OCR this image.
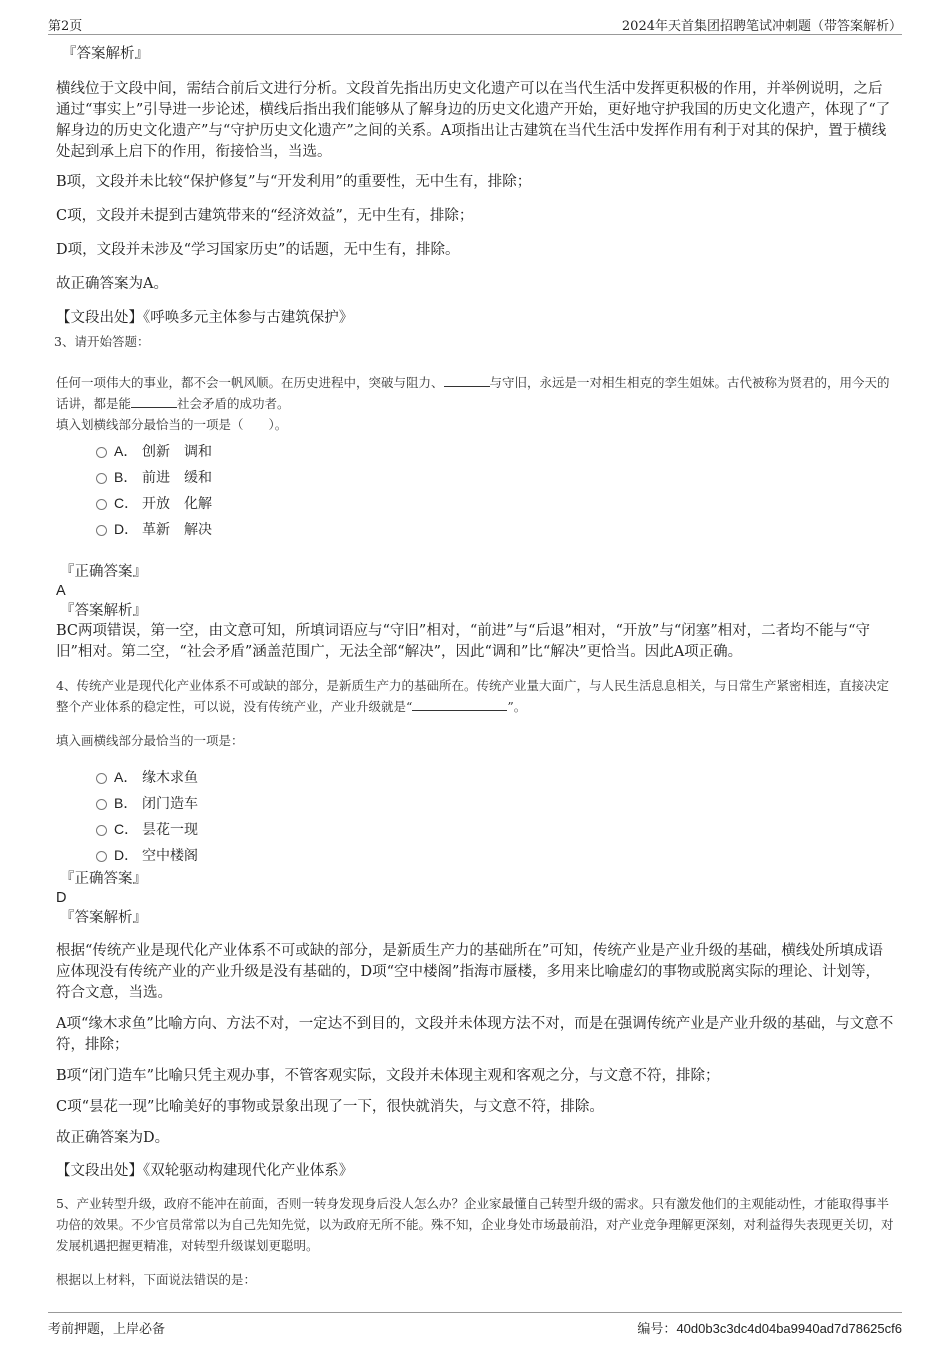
第2页	2024年天首集团招聘笔试冲刺题（带答案解析）

『答案解析』

横线位于文段中间，需结合前后文进行分析。文段首先指出历史文化遗产可以在当代生活中发挥更积极的作用，并举例说明，之后通过“事实上”引导进一步论述，横线后指出我们能够从了解身边的历史文化遗产开始，更好地守护我国的历史文化遗产，体现了“了解身边的历史文化遗产”与“守护历史文化遗产”之间的关系。A项指出让古建筑在当代生活中发挥作用有利于对其的保护，置于横线处起到承上启下的作用，衔接恰当，当选。

B项，文段并未比较“保护修复”与“开发利用”的重要性，无中生有，排除；

C项，文段并未提到古建筑带来的“经济效益”，无中生有，排除；

D项，文段并未涉及“学习国家历史”的话题，无中生有，排除。

故正确答案为A。

【文段出处】《呼唤多元主体参与古建筑保护》

3、请开始答题：

任何一项伟大的事业，都不会一帆风顺。在历史进程中，突破与阻力、	与守旧，永远是一对相生相克的孪生姐妹。古代被称为贤君的，用今天的话讲，都是能	社会矛盾的成功者。

填入划横线部分最恰当的一项是（　　）。

A． 创新　调和
B． 前进　缓和
C． 开放　化解
D． 革新　解决

『正确答案』

A

『答案解析』

BC两项错误，第一空，由文意可知，所填词语应与“守旧”相对，“前进”与“后退”相对，“开放”与“闭塞”相对，二者均不能与“守旧”相对。第二空，“社会矛盾”涵盖范围广，无法全部“解决”，因此“调和”比“解决”更恰当。因此A项正确。

4、传统产业是现代化产业体系不可或缺的部分，是新质生产力的基础所在。传统产业量大面广，与人民生活息息相关，与日常生产紧密相连，直接决定整个产业体系的稳定性，可以说，没有传统产业，产业升级就是“	”。

填入画横线部分最恰当的一项是：

A． 缘木求鱼
B． 闭门造车
C． 昙花一现
D． 空中楼阁

『正确答案』

D

『答案解析』

根据“传统产业是现代化产业体系不可或缺的部分，是新质生产力的基础所在”可知，传统产业是产业升级的基础，横线处所填成语应体现没有传统产业的产业升级是没有基础的，D项“空中楼阁”指海市蜃楼，多用来比喻虚幻的事物或脱离实际的理论、计划等，符合文意，当选。

A项“缘木求鱼”比喻方向、方法不对，一定达不到目的，文段并未体现方法不对，而是在强调传统产业是产业升级的基础，与文意不符，排除；

B项“闭门造车”比喻只凭主观办事，不管客观实际，文段并未体现主观和客观之分，与文意不符，排除；

C项“昙花一现”比喻美好的事物或景象出现了一下，很快就消失，与文意不符，排除。

故正确答案为D。

【文段出处】《双轮驱动构建现代化产业体系》

5、产业转型升级，政府不能冲在前面，否则一转身发现身后没人怎么办？企业家最懂自己转型升级的需求。只有激发他们的主观能动性，才能取得事半功倍的效果。不少官员常常以为自己先知先觉，以为政府无所不能。殊不知，企业身处市场最前沿，对产业竞争理解更深刻，对利益得失表现更关切，对发展机遇把握更精准，对转型升级谋划更聪明。

根据以上材料，下面说法错误的是：

考前押题，上岸必备	编号：40d0b3c3dc4d04ba9940ad7d78625cf6
